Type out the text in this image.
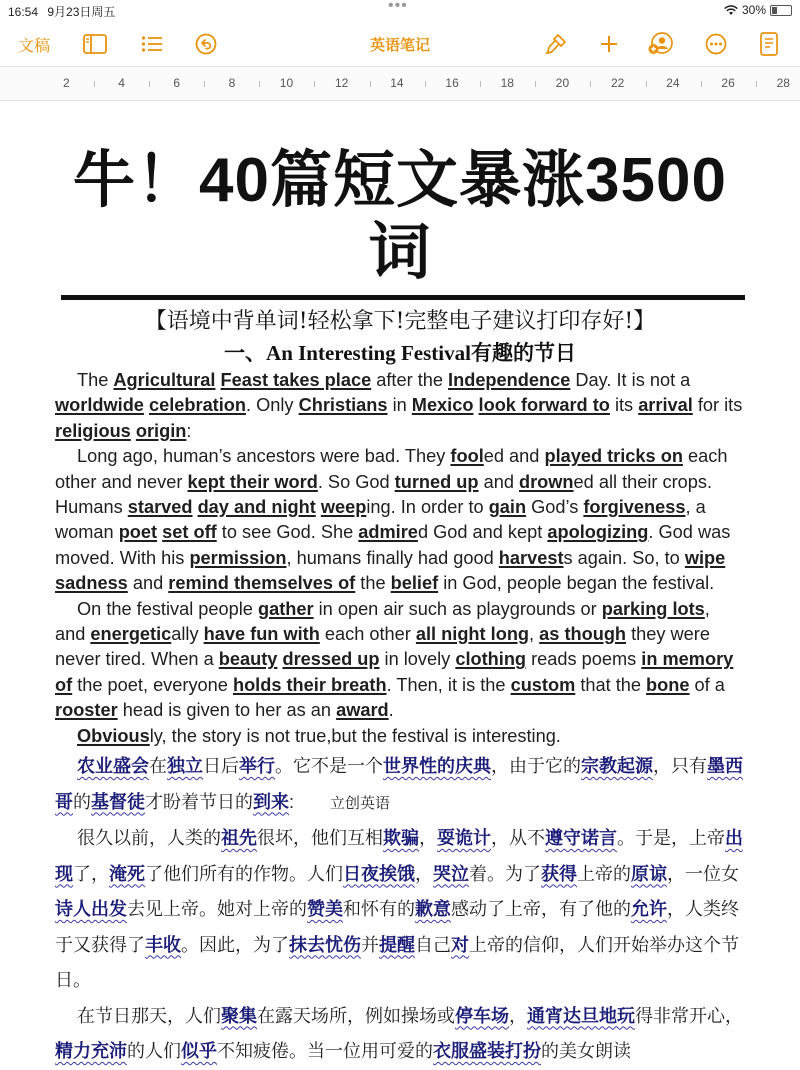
16:54 9月23日周五	•••	30%
文稿	英语笔记
2	4	6	8	10	12	14	16	18	20	22	24	26	28
牛！40篇短文暴涨3500词
【语境中背单词!轻松拿下!完整电子建议打印存好!】
一、An Interesting Festival有趣的节日

The Agricultural Feast takes place after the Independence Day. It is not a worldwide celebration. Only Christians in Mexico look forward to its arrival for its religious origin:

Long ago, human’s ancestors were bad. They fooled and played tricks on each other and never kept their word. So God turned up and drowned all their crops. Humans starved day and night weeping. In order to gain God’s forgiveness, a woman poet set off to see God. She admired God and kept apologizing. God was moved. With his permission, humans finally had good harvests again. So, to wipe sadness and remind themselves of the belief in God, people began the festival.

On the festival people gather in open air such as playgrounds or parking lots, and energetically have fun with each other all night long, as though they were never tired. When a beauty dressed up in lovely clothing reads poems in memory of the poet, everyone holds their breath. Then, it is the custom that the bone of a rooster head is given to her as an award.

Obviously, the story is not true,but the festival is interesting.

农业盛会在独立日后举行。它不是一个世界性的庆典，由于它的宗教起源，只有墨西哥的基督徒才盼着节日的到来: 立创英语

很久以前，人类的祖先很坏，他们互相欺骗，耍诡计，从不遵守诺言。于是，上帝出现了，淹死了他们所有的作物。人们日夜挨饿，哭泣着。为了获得上帝的原谅，一位女诗人出发去见上帝。她对上帝的赞美和怀有的歉意感动了上帝，有了他的允许，人类终于又获得了丰收。因此，为了抹去忧伤并提醒自己对上帝的信仰，人们开始举办这个节日。

在节日那天，人们聚集在露天场所，例如操场或停车场，通宵达旦地玩得非常开心，精力充沛的人们似乎不知疲倦。当一位用可爱的衣服盛装打扮的美女朗读
